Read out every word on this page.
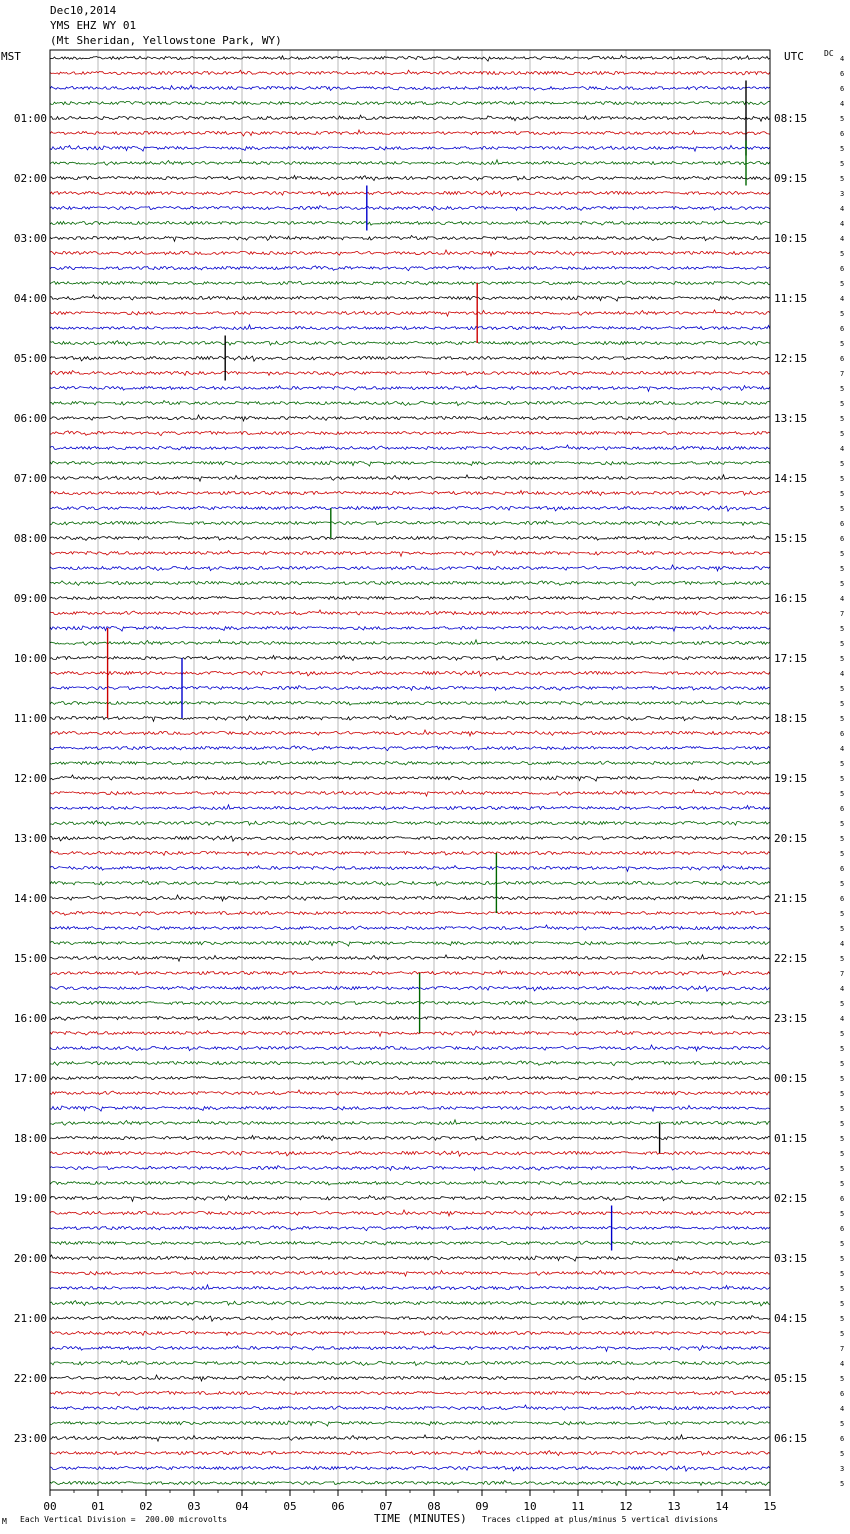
Dec10,2014
YMS EHZ WY 01
(Mt Sheridan, Yellowstone Park, WY)
MST	UTC	DC
4
6
6
4
5
6
5
5
5
3
4
4
4
5
6
5
4
5
6
5
6
7
5
5
5
5
4
5
5
5
5
6
6
5
5
5
4
7
5
5
5
4
5
5
5
6
4
5
5
5
6
5
5
5
6
5
6
5
5
4
5
7
4
5
4
5
5
5
5
5
5
5
5
5
5
5
6
5
6
5
5
5
5
5
5
5
7
4
5
6
4
5
6
5
3
5
01:00
02:00
03:00
04:00
05:00
06:00
07:00
08:00
09:00
10:00
11:00
12:00
13:00
14:00
15:00
16:00
17:00
18:00
19:00
20:00
21:00
22:00
23:00
08:15
09:15
10:15
11:15
12:15
13:15
14:15
15:15
16:15
17:15
18:15
19:15
20:15
21:15
22:15
23:15
00:15
01:15
02:15
03:15
04:15
05:15
06:15
00	01	02	03	04	05	06	07	08	09	10	11	12	13	14	15
TIME (MINUTES)
M Each Vertical Division =  200.00 microvolts	Traces clipped at plus/minus 5 vertical divisions
